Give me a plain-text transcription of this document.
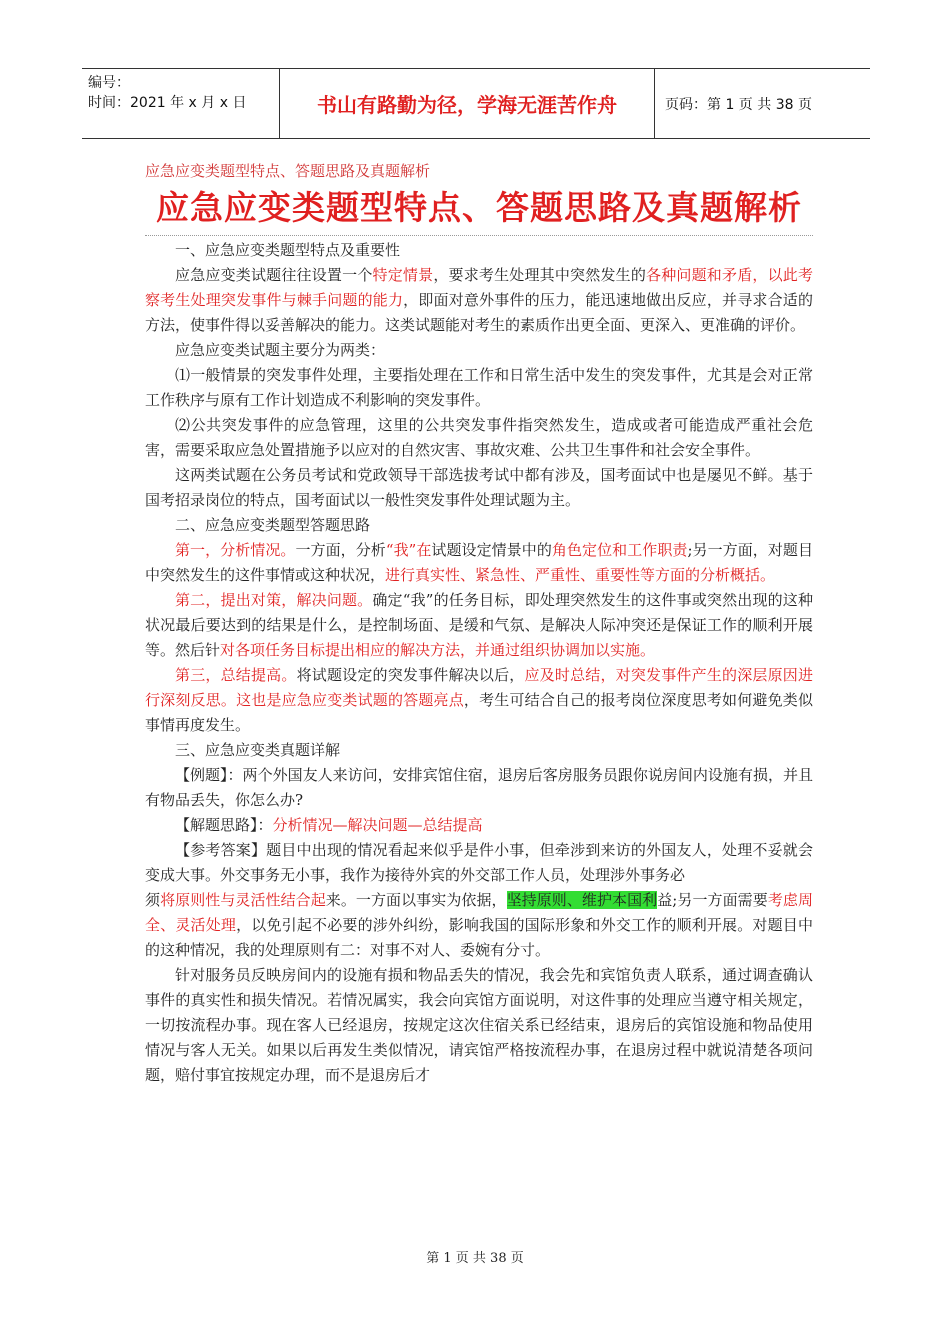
编号：
时间：2021 年 x 月 x 日	书山有路勤为径，学海无涯苦作舟	页码：第 1 页 共 38 页
应急应变类题型特点、答题思路及真题解析
应急应变类题型特点、答题思路及真题解析

一、应急应变类题型特点及重要性

应急应变类试题往往设置一个特定情景，要求考生处理其中突然发生的各种问题和矛盾，以此考察考生处理突发事件与棘手问题的能力，即面对意外事件的压力，能迅速地做出反应，并寻求合适的方法，使事件得以妥善解决的能力。这类试题能对考生的素质作出更全面、更深入、更准确的评价。

应急应变类试题主要分为两类：

⑴一般情景的突发事件处理，主要指处理在工作和日常生活中发生的突发事件，尤其是会对正常工作秩序与原有工作计划造成不利影响的突发事件。

⑵公共突发事件的应急管理，这里的公共突发事件指突然发生，造成或者可能造成严重社会危害，需要采取应急处置措施予以应对的自然灾害、事故灾难、公共卫生事件和社会安全事件。

这两类试题在公务员考试和党政领导干部选拔考试中都有涉及，国考面试中也是屡见不鲜。基于国考招录岗位的特点，国考面试以一般性突发事件处理试题为主。

二、应急应变类题型答题思路

第一，分析情况。一方面，分析“我”在试题设定情景中的角色定位和工作职责;另一方面，对题目中突然发生的这件事情或这种状况，进行真实性、紧急性、严重性、重要性等方面的分析概括。

第二，提出对策，解决问题。确定“我”的任务目标，即处理突然发生的这件事或突然出现的这种状况最后要达到的结果是什么，是控制场面、是缓和气氛、是解决人际冲突还是保证工作的顺利开展等。然后针对各项任务目标提出相应的解决方法，并通过组织协调加以实施。

第三，总结提高。将试题设定的突发事件解决以后，应及时总结，对突发事件产生的深层原因进行深刻反思。这也是应急应变类试题的答题亮点，考生可结合自己的报考岗位深度思考如何避免类似事情再度发生。

三、应急应变类真题详解

【例题】：两个外国友人来访问，安排宾馆住宿，退房后客房服务员跟你说房间内设施有损，并且有物品丢失，你怎么办?

【解题思路】：分析情况—解决问题—总结提高

【参考答案】题目中出现的情况看起来似乎是件小事，但牵涉到来访的外国友人，处理不妥就会变成大事。外交事务无小事，我作为接待外宾的外交部工作人员，处理涉外事务必

须将原则性与灵活性结合起来。一方面以事实为依据，坚持原则、维护本国利益;另一方面需要考虑周全、灵活处理，以免引起不必要的涉外纠纷，影响我国的国际形象和外交工作的顺利开展。对题目中的这种情况，我的处理原则有二：对事不对人、委婉有分寸。

针对服务员反映房间内的设施有损和物品丢失的情况，我会先和宾馆负责人联系，通过调查确认事件的真实性和损失情况。若情况属实，我会向宾馆方面说明，对这件事的处理应当遵守相关规定，一切按流程办事。现在客人已经退房，按规定这次住宿关系已经结束，退房后的宾馆设施和物品使用情况与客人无关。如果以后再发生类似情况，请宾馆严格按流程办事，在退房过程中就说清楚各项问题，赔付事宜按规定办理，而不是退房后才

第 1 页 共 38 页
